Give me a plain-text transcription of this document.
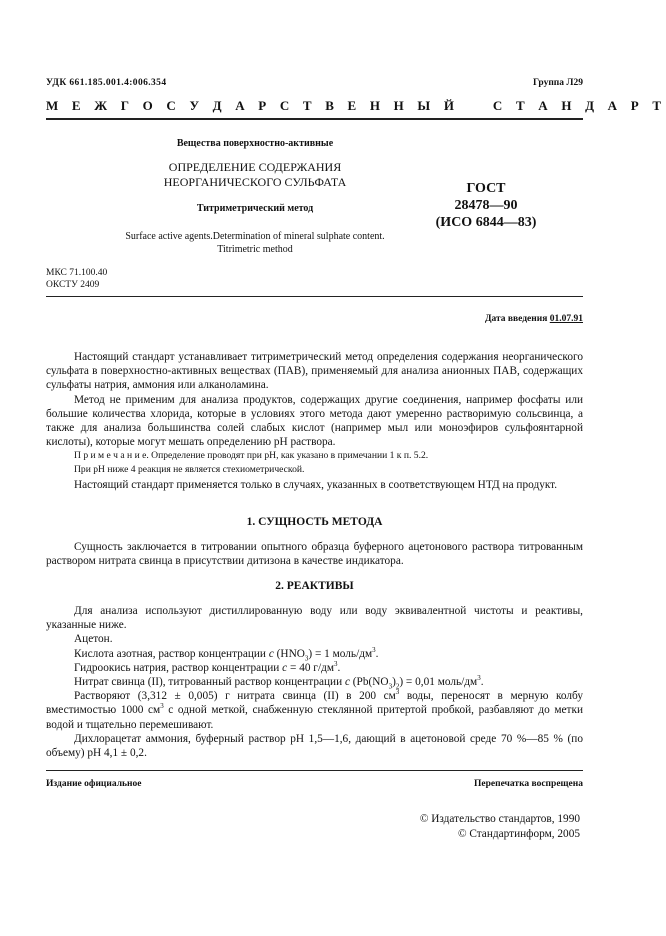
УДК 661.185.001.4:006.354	Группа Л29
М Е Ж Г О С У Д А Р С Т В Е Н Н Ы Й    С Т А Н Д А Р Т
Вещества поверхностно-активные
ОПРЕДЕЛЕНИЕ СОДЕРЖАНИЯ
НЕОРГАНИЧЕСКОГО СУЛЬФАТА
Титриметрический метод
Surface active agents.Determination of mineral sulphate content.
Titrimetric method
ГОСТ
28478—90
(ИСО 6844—83)
МКС 71.100.40
ОКСТУ 2409
Дата введения 01.07.91

Настоящий стандарт устанавливает титриметрический метод определения содержания неорганического сульфата в поверхностно-активных веществах (ПАВ), применяемый для анализа анионных ПАВ, содержащих сульфаты натрия, аммония или алканоламина.

Метод не применим для анализа продуктов, содержащих другие соединения, например фосфаты или большие количества хлорида, которые в условиях этого метода дают умеренно растворимую сольсвинца, а также для анализа большинства солей слабых кислот (например мыл или моноэфиров сульфоянтарной кислоты), которые могут мешать определению pH раствора.

П р и м е ч а н и е. Определение проводят при pH, как указано в примечании 1 к п. 5.2.

При pH ниже 4 реакция не является стехиометрической.

Настоящий стандарт применяется только в случаях, указанных в соответствующем НТД на продукт.

1. СУЩНОСТЬ МЕТОДА

Сущность заключается в титровании опытного образца буферного ацетонового раствора титрованным раствором нитрата свинца в присутствии дитизона в качестве индикатора.

2. РЕАКТИВЫ

Для анализа используют дистиллированную воду или воду эквивалентной чистоты и реактивы, указанные ниже.

Ацетон.

Кислота азотная, раствор концентрации c $(HNO_3) = 1$ моль/$дм^3$.

Гидроокись натрия, раствор концентрации c = 40 $г/дм^3$.

Нитрат свинца (II), титрованный раствор концентрации c $(Pb(NO_3)_2) = 0,01$ моль/$дм^3$.

Растворяют (3,312 ± 0,005) г нитрата свинца (II) в 200 $см^3$ воды, переносят в мерную колбу вместимостью 1000 $см^3$ с одной меткой, снабженную стеклянной притертой пробкой, разбавляют до метки водой и тщательно перемешивают.

Дихлорацетат аммония, буферный раствор pH 1,5—1,6, дающий в ацетоновой среде 70 %—85 % (по объему) pH 4,1 ± 0,2.

Издание официальное	Перепечатка воспрещена
© Издательство стандартов, 1990
© Стандартинформ, 2005
